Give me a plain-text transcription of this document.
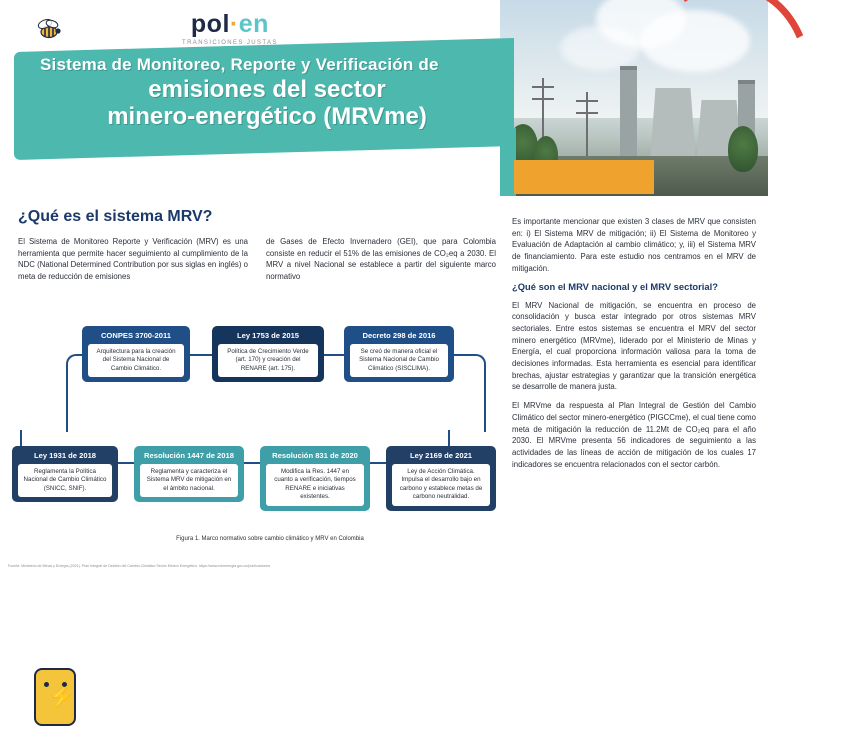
pol·en
TRANSICIONES JUSTAS
Sistema de Monitoreo, Reporte y Verificación de
emisiones del sector
minero-energético (MRVme)
¿Qué es el sistema MRV?
El Sistema de Monitoreo Reporte y Verificación (MRV) es una herramienta que permite hacer seguimiento al cumplimiento de la NDC (National Determined Contribution por sus siglas en inglés) o meta de reducción de emisiones
de Gases de Efecto Invernadero (GEI), que para Colombia consiste en reducir el 51% de las emisiones de CO₂eq a 2030. El MRV a nivel Nacional se establece a partir del siguiente marco normativo
⚡
CONPES 3700-2011
Arquitectura para la creación del Sistema Nacional de Cambio Climático.
Ley 1753 de 2015
Política de Crecimiento Verde (art. 170) y creación del RENARE (art. 175).
Decreto 298 de 2016
Se creó de manera oficial el Sistema Nacional de Cambio Climático (SISCLIMA).
Ley 1931 de 2018
Reglamenta la Política Nacional de Cambio Climático (SNICC, SNIF).
Resolución 1447 de 2018
Reglamenta y caracteriza el Sistema MRV de mitigación en el ámbito nacional.
Resolución 831 de 2020
Modifica la Res. 1447 en cuanto a verificación, tiempos RENARE e iniciativas existentes.
Ley 2169 de 2021
Ley de Acción Climática. Impulsa el desarrollo bajo en carbono y establece metas de carbono neutralidad.
Figura 1. Marco normativo sobre cambio climático y MRV en Colombia
Fuente: Ministerio de Minas y Energía (2021). Plan Integral de Gestión del Cambio Climático Sector Minero Energético. https://www.minenergia.gov.co/publicaciones

Es importante mencionar que existen 3 clases de MRV que consisten en: i) El Sistema MRV de mitigación; ii) El Sistema de Monitoreo y Evaluación de Adaptación al cambio climático; y, iii) el Sistema MRV de financiamiento. Para este estudio nos centramos en el MRV de mitigación.

¿Qué son el MRV nacional y el MRV sectorial?

El MRV Nacional de mitigación, se encuentra en proceso de consolidación y busca estar integrado por otros sistemas MRV sectoriales. Entre estos sistemas se encuentra el MRV del sector minero energético (MRVme), liderado por el Ministerio de Minas y Energía, el cual proporciona información valiosa para la toma de decisiones informadas. Esta herramienta es esencial para identificar brechas, ajustar estrategias y garantizar que la transición energética se desarrolle de manera justa.

El MRVme da respuesta al Plan Integral de Gestión del Cambio Climático del sector minero-energético (PIGCCme), el cual tiene como meta de mitigación la reducción de 11.2Mt de CO₂eq para el año 2030. El MRVme presenta 56 indicadores de seguimiento a las actividades de las líneas de acción de mitigación de los cuales 17 indicadores se encuentra relacionados con el sector carbón.
